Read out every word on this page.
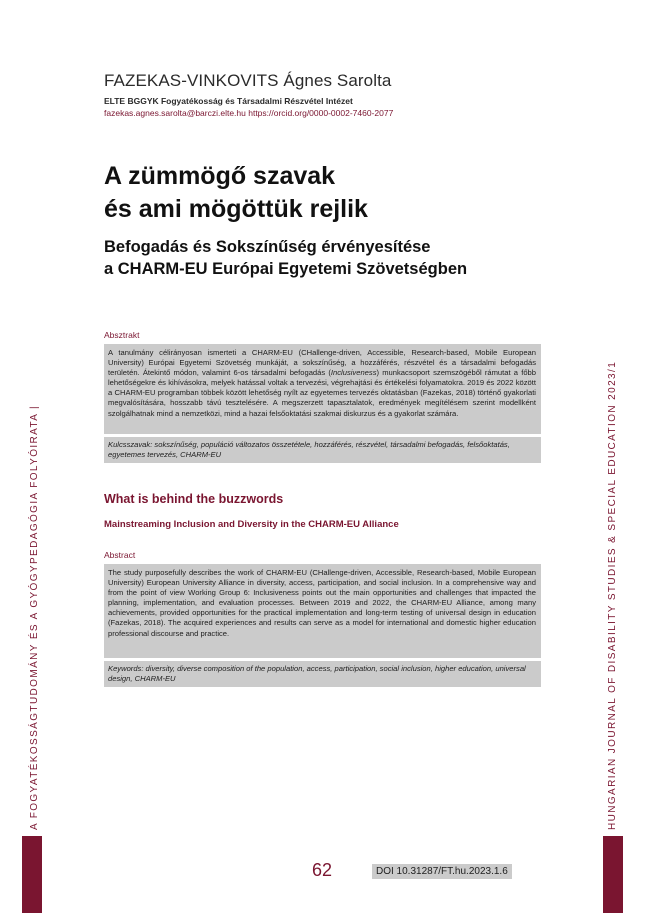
FAZEKAS-VINKOVITS Ágnes Sarolta
ELTE BGGYK Fogyatékosság és Társadalmi Részvétel Intézet
fazekas.agnes.sarolta@barczi.elte.hu https://orcid.org/0000-0002-7460-2077
A zümmögő szavak
és ami mögöttük rejlik
Befogadás és Sokszínűség érvényesítése
a CHARM-EU Európai Egyetemi Szövetségben
Absztrakt
A tanulmány célirányosan ismerteti a CHARM-EU (CHallenge-driven, Accessible, Research-based, Mobile European University) Európai Egyetemi Szövetség munkáját, a sokszínűség, a hozzáférés, részvétel és a társadalmi befogadás területén. Átekintő módon, valamint 6-os társadalmi befogadás (Inclusiveness) munkacsoport szemszögéből rámutat a főbb lehetőségekre és kihívásokra, melyek hatással voltak a tervezési, végrehajtási és értékelési folyamatokra. 2019 és 2022 között a CHARM-EU programban többek között lehetőség nyílt az egyetemes tervezés oktatásban (Fazekas, 2018) történő gyakorlati megvalósítására, hosszabb távú tesztelésére. A megszerzett tapasztalatok, eredmények megítélésem szerint modellként szolgálhatnak mind a nemzetközi, mind a hazai felsőoktatási szakmai diskurzus és a gyakorlat számára.
Kulcsszavak: sokszínűség, populáció változatos összetétele, hozzáférés, részvétel, társadalmi befogadás, felsőoktatás, egyetemes tervezés, CHARM-EU
What is behind the buzzwords
Mainstreaming Inclusion and Diversity in the CHARM-EU Alliance
Abstract
The study purposefully describes the work of CHARM-EU (CHallenge-driven, Accessible, Research-based, Mobile European University) European University Alliance in diversity, access, participation, and social inclusion. In a comprehensive way and from the point of view Working Group 6: Inclusiveness points out the main opportunities and challenges that impacted the planning, implementation, and evaluation processes. Between 2019 and 2022, the CHARM-EU Alliance, among many achievements, provided opportunities for the practical implementation and long-term testing of universal design in education (Fazekas, 2018). The acquired experiences and results can serve as a model for international and domestic higher education professional discourse and practice.
Keywords: diversity, diverse composition of the population, access, participation, social inclusion, higher education, universal design, CHARM-EU
A FOGYATÉKOSSÁGTUDOMÁNY ÉS A GYÓGYPEDAGÓGIA FOLYÓIRATA |	HUNGARIAN JOURNAL OF DISABILITY STUDIES & SPECIAL EDUCATION 2023/1
62	DOI 10.31287/FT.hu.2023.1.6
